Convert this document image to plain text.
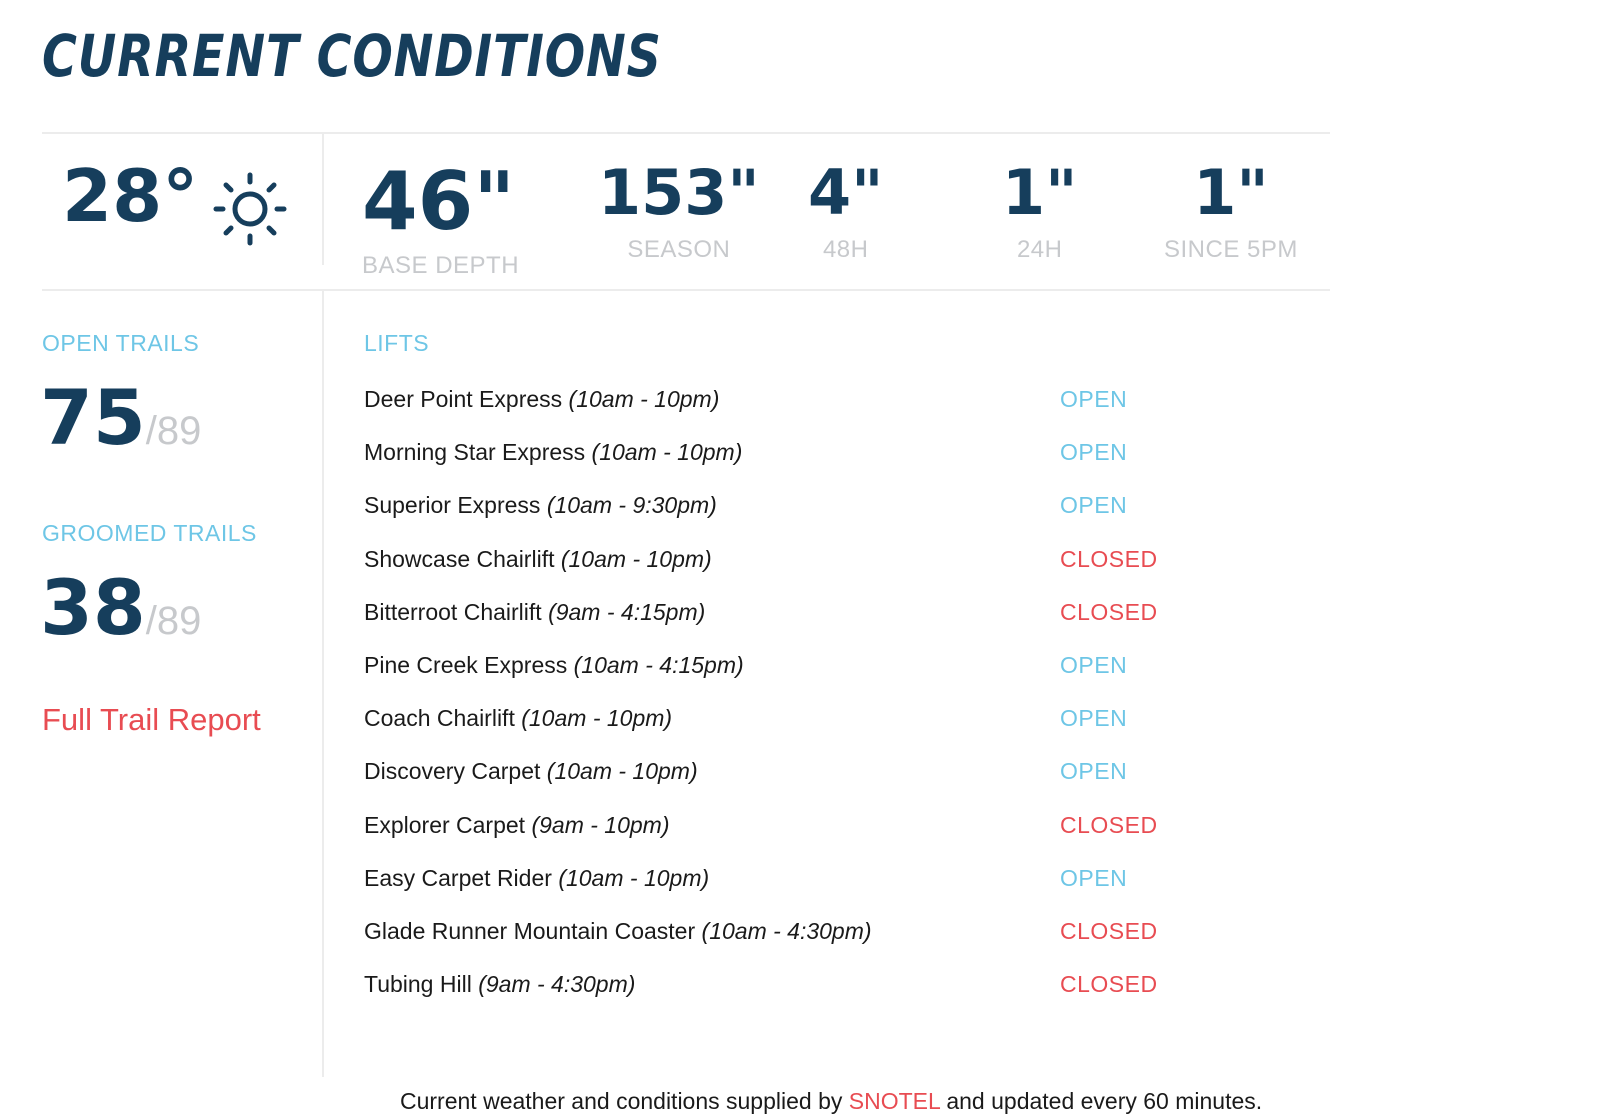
CURRENT CONDITIONS
28° 46"
BASE DEPTH
153"
SEASON
4"
48H
1"
24H
1"
SINCE 5PM
OPEN TRAILS
75/89
GROOMED TRAILS
38/89
Full Trail Report
LIFTS
Deer Point Express (10am - 10pm)	OPEN
Morning Star Express (10am - 10pm)	OPEN
Superior Express (10am - 9:30pm)	OPEN
Showcase Chairlift (10am - 10pm)	CLOSED
Bitterroot Chairlift (9am - 4:15pm)	CLOSED
Pine Creek Express (10am - 4:15pm)	OPEN
Coach Chairlift (10am - 10pm)	OPEN
Discovery Carpet (10am - 10pm)	OPEN
Explorer Carpet (9am - 10pm)	CLOSED
Easy Carpet Rider (10am - 10pm)	OPEN
Glade Runner Mountain Coaster (10am - 4:30pm)	CLOSED
Tubing Hill (9am - 4:30pm)	CLOSED
Current weather and conditions supplied by SNOTEL and updated every 60 minutes.
